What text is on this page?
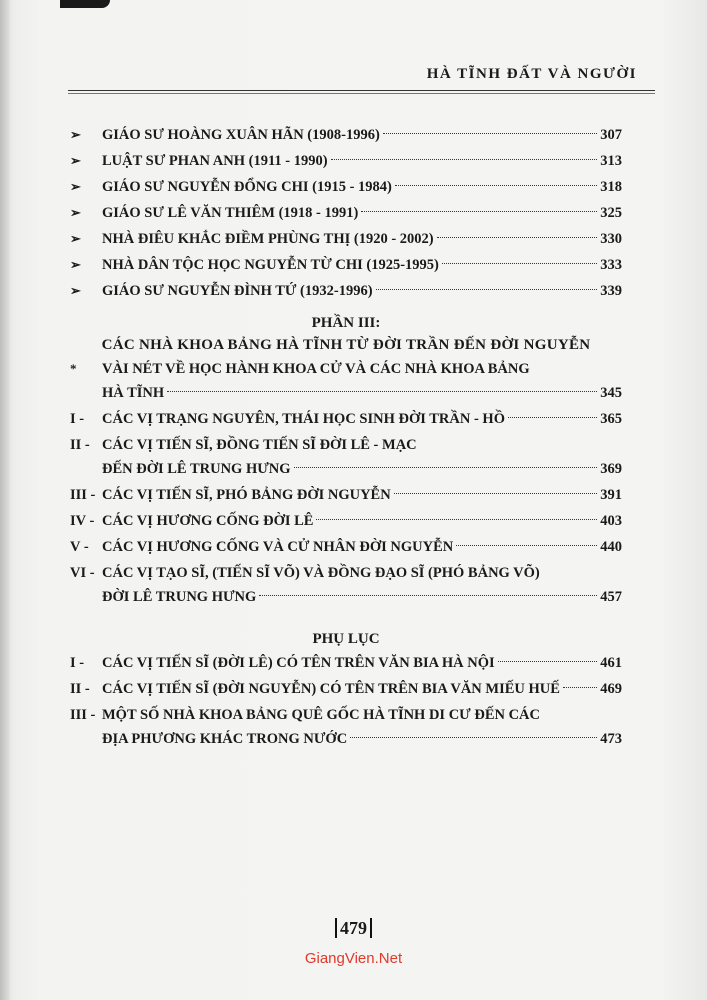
HÀ TĨNH ĐẤT VÀ NGƯỜI
➢	GIÁO SƯ HOÀNG XUÂN HÃN (1908-1996)	307
➢	LUẬT SƯ PHAN ANH (1911 - 1990)	313
➢	GIÁO SƯ NGUYỄN ĐỔNG CHI (1915 - 1984)	318
➢	GIÁO SƯ LÊ VĂN THIÊM (1918 - 1991)	325
➢	NHÀ ĐIÊU KHẮC ĐIỀM PHÙNG THỊ (1920 - 2002)	330
➢	NHÀ DÂN TỘC HỌC NGUYỄN TỪ CHI (1925-1995)	333
➢	GIÁO SƯ NGUYỄN ĐÌNH TỨ (1932-1996)	339
PHẦN III:
CÁC NHÀ KHOA BẢNG HÀ TĨNH TỪ ĐỜI TRẦN ĐẾN ĐỜI NGUYỄN
*	VÀI NÉT VỀ HỌC HÀNH KHOA CỬ VÀ CÁC NHÀ KHOA BẢNG
HÀ TĨNH	345
I -	CÁC VỊ TRẠNG NGUYÊN, THÁI HỌC SINH ĐỜI TRẦN - HỒ	365
II - CÁC VỊ TIẾN SĨ, ĐỒNG TIẾN SĨ ĐỜI LÊ - MẠC
ĐẾN ĐỜI LÊ TRUNG HƯNG	369
III - CÁC VỊ TIẾN SĨ, PHÓ BẢNG ĐỜI NGUYỄN	391
IV - CÁC VỊ HƯƠNG CỐNG ĐỜI LÊ	403
V - CÁC VỊ HƯƠNG CỐNG VÀ CỬ NHÂN ĐỜI NGUYỄN	440
VI - CÁC VỊ TẠO SĨ, (TIẾN SĨ VÕ) VÀ ĐỒNG ĐẠO SĨ (PHÓ BẢNG VÕ)
ĐỜI LÊ TRUNG HƯNG	457
PHỤ LỤC
I -	CÁC VỊ TIẾN SĨ (ĐỜI LÊ) CÓ TÊN TRÊN VĂN BIA HÀ NỘI	461
II - CÁC VỊ TIẾN SĨ (ĐỜI NGUYỄN) CÓ TÊN TRÊN BIA VĂN MIẾU HUẾ	469
III - MỘT SỐ NHÀ KHOA BẢNG QUÊ GỐC HÀ TĨNH DI CƯ ĐẾN CÁC
ĐỊA PHƯƠNG KHÁC TRONG NƯỚC	473
479
GiangVien.Net
